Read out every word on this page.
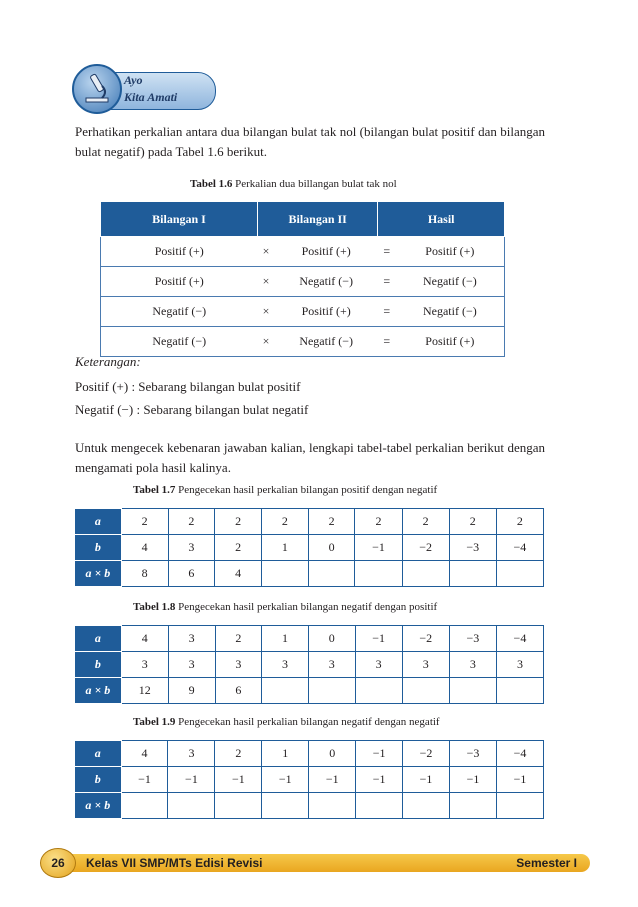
Ayo
Kita Amati

Perhatikan perkalian antara dua bilangan bulat tak nol (bilangan bulat positif dan bilangan bulat negatif) pada Tabel 1.6 berikut.

Tabel 1.6 Perkalian dua billangan bulat tak nol
Bilangan I	Bilangan II		Hasil	
Positif (+)	×	Positif (+)	=	Positif (+)
Positif (+)	×	Negatif (−)	=	Negatif (−)
Negatif (−)	×	Positif (+)	=	Negatif (−)
Negatif (−)	×	Negatif (−)	=	Positif (+)
Keterangan:
Positif (+) : Sebarang bilangan bulat positif
Negatif (−) : Sebarang bilangan bulat negatif

Untuk mengecek kebenaran jawaban kalian, lengkapi tabel-tabel perkalian berikut dengan mengamati pola hasil kalinya.

Tabel 1.7 Pengecekan hasil perkalian bilangan positif dengan negatif
a	2	2	2	2	2	2	2	2	2
b	4	3	2	1	0	−1	−2	−3	−4
a × b	8	6	4						
Tabel 1.8 Pengecekan hasil perkalian bilangan negatif dengan positif
a	4	3	2	1	0	−1	−2	−3	−4
b	3	3	3	3	3	3	3	3	3
a × b	12	9	6						
Tabel 1.9 Pengecekan hasil perkalian bilangan negatif dengan negatif
a	4	3	2	1	0	−1	−2	−3	−4
b	−1	−1	−1	−1	−1	−1	−1	−1	−1
a × b									
26	Kelas VII SMP/MTs Edisi Revisi	Semester I
